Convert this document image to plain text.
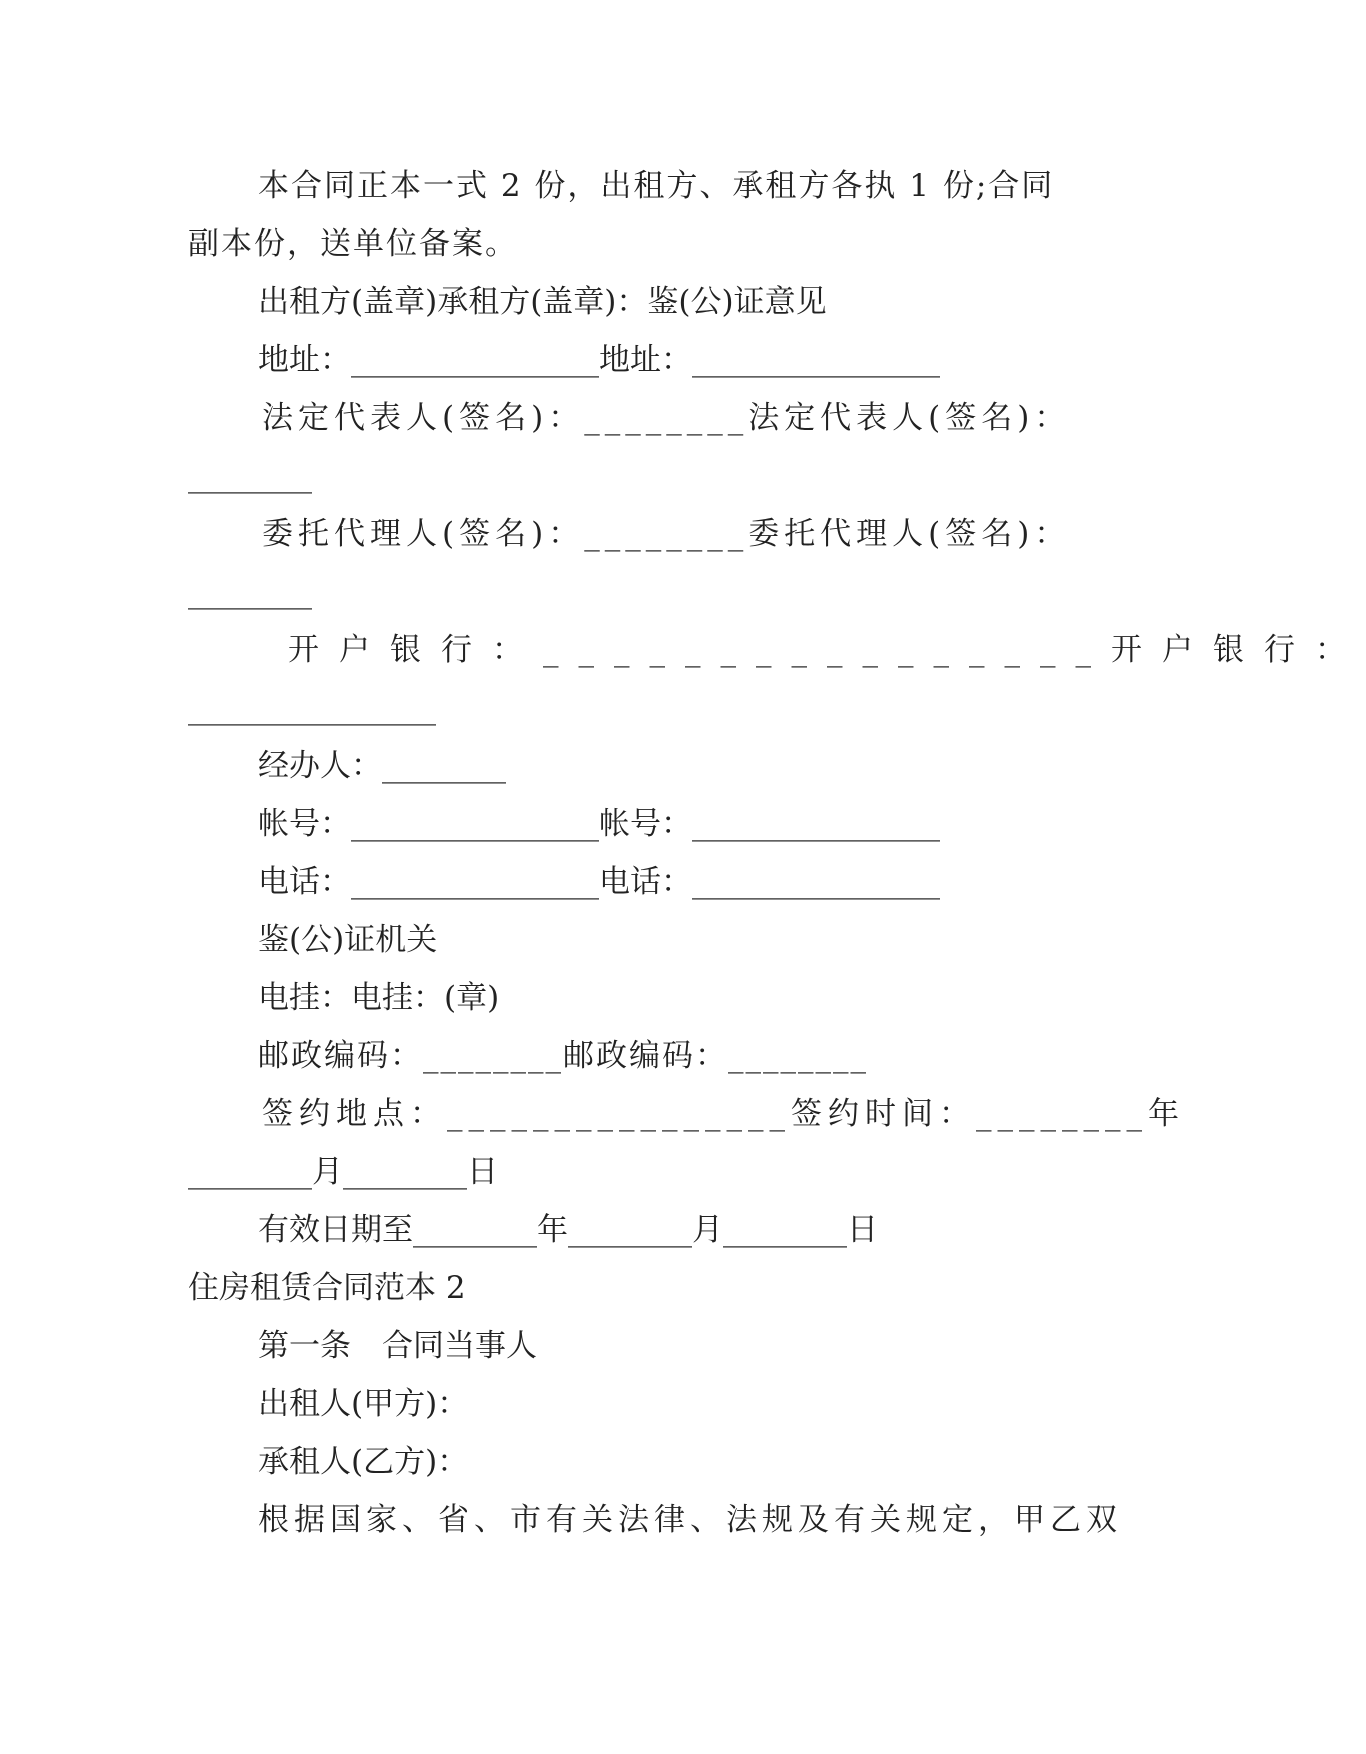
本合同正本一式 2 份，出租方、承租方各执 1 份;合同
副本份，送单位备案。
出租方(盖章)承租方(盖章)：鉴(公)证意见
地址：________________地址：________________
法定代表人(签名)：________法定代表人(签名)：
________
委托代理人(签名)：________委托代理人(签名)：
________
开户银行：________________开户银行：
________________
经办人：________
帐号：________________帐号：________________
电话：________________电话：________________
鉴(公)证机关
电挂：电挂：(章)
邮政编码：________邮政编码：________
签约地点：________________签约时间：________年
________月________日
有效日期至________年________月________日
住房租赁合同范本 2
第一条　合同当事人
出租人(甲方)：
承租人(乙方)：
根据国家、省、市有关法律、法规及有关规定，甲乙双
